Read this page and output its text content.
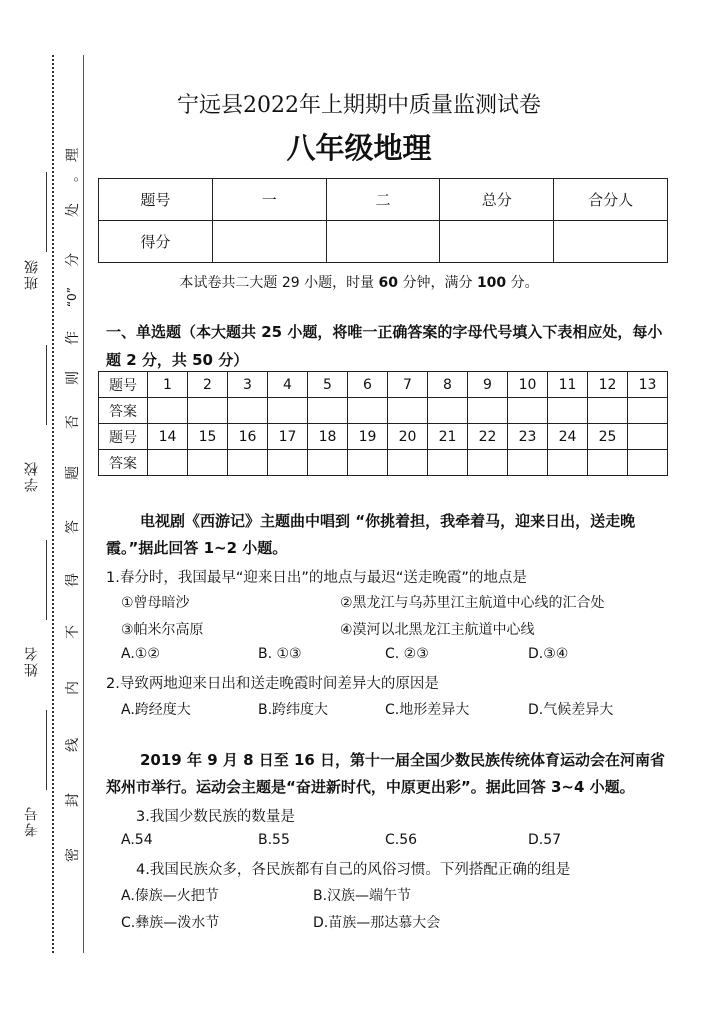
班级
学校
姓名
考号
理
。
处
分
“0”
作
则
否
题
答
得
不
内
线
封
密
宁远县2022年上期期中质量监测试卷
八年级地理
题号	一	二	总分	合分人
得分				
本试卷共二大题 29 小题，时量 60 分钟，满分 100 分。
一、单选题（本大题共 25 小题，将唯一正确答案的字母代号填入下表相应处，每小题 2 分，共 50 分）
题号	1	2	3	4	5	6	7	8	9	10	11	12	13
答案													
题号	14	15	16	17	18	19	20	21	22	23	24	25	
答案													
电视剧《西游记》主题曲中唱到 “你挑着担，我牵着马，迎来日出，送走晚霞。”据此回答 1~2 小题。
1.春分时，我国最早“迎来日出”的地点与最迟“送走晚霞”的地点是
①曾母暗沙	②黑龙江与乌苏里江主航道中心线的汇合处
③帕米尔高原	④漠河以北黑龙江主航道中心线
A.①②	B. ①③	C. ②③	D.③④
2.导致两地迎来日出和送走晚霞时间差异大的原因是
A.跨经度大	B.跨纬度大	C.地形差异大	D.气候差异大
2019 年 9 月 8 日至 16 日，第十一届全国少数民族传统体育运动会在河南省郑州市举行。运动会主题是“奋进新时代，中原更出彩”。据此回答 3~4 小题。
3.我国少数民族的数量是
A.54	B.55	C.56	D.57
4.我国民族众多，各民族都有自己的风俗习惯。下列搭配正确的组是
A.傣族—火把节	B.汉族—端午节
C.彝族—泼水节	D.苗族—那达慕大会
